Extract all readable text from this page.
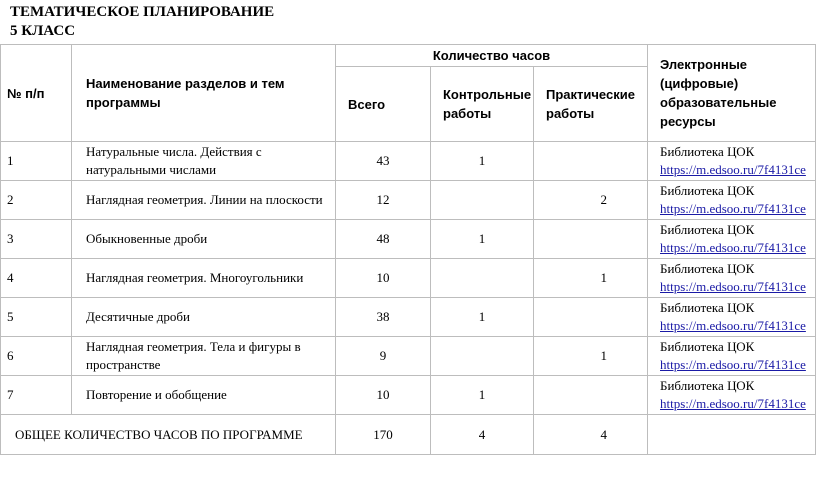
ТЕМАТИЧЕСКОЕ ПЛАНИРОВАНИЕ
5 КЛАСС
№ п/п	Наименование разделов и тем программы	Количество часов			Электронные (цифровые) образовательные ресурсы
		Всего	Контрольные работы	Практические работы	
1	Натуральные числа. Действия с натуральными числами	43	1		Библиотека ЦОК
https://m.edsoo.ru/7f4131ce
2	Наглядная геометрия. Линии на плоскости	12		2	Библиотека ЦОК
https://m.edsoo.ru/7f4131ce
3	Обыкновенные дроби	48	1		Библиотека ЦОК
https://m.edsoo.ru/7f4131ce
4	Наглядная геометрия. Многоугольники	10		1	Библиотека ЦОК
https://m.edsoo.ru/7f4131ce
5	Десятичные дроби	38	1		Библиотека ЦОК
https://m.edsoo.ru/7f4131ce
6	Наглядная геометрия. Тела и фигуры в пространстве	9		1	Библиотека ЦОК
https://m.edsoo.ru/7f4131ce
7	Повторение и обобщение	10	1		Библиотека ЦОК
https://m.edsoo.ru/7f4131ce
ОБЩЕЕ КОЛИЧЕСТВО ЧАСОВ ПО ПРОГРАММЕ		170	4	4	
